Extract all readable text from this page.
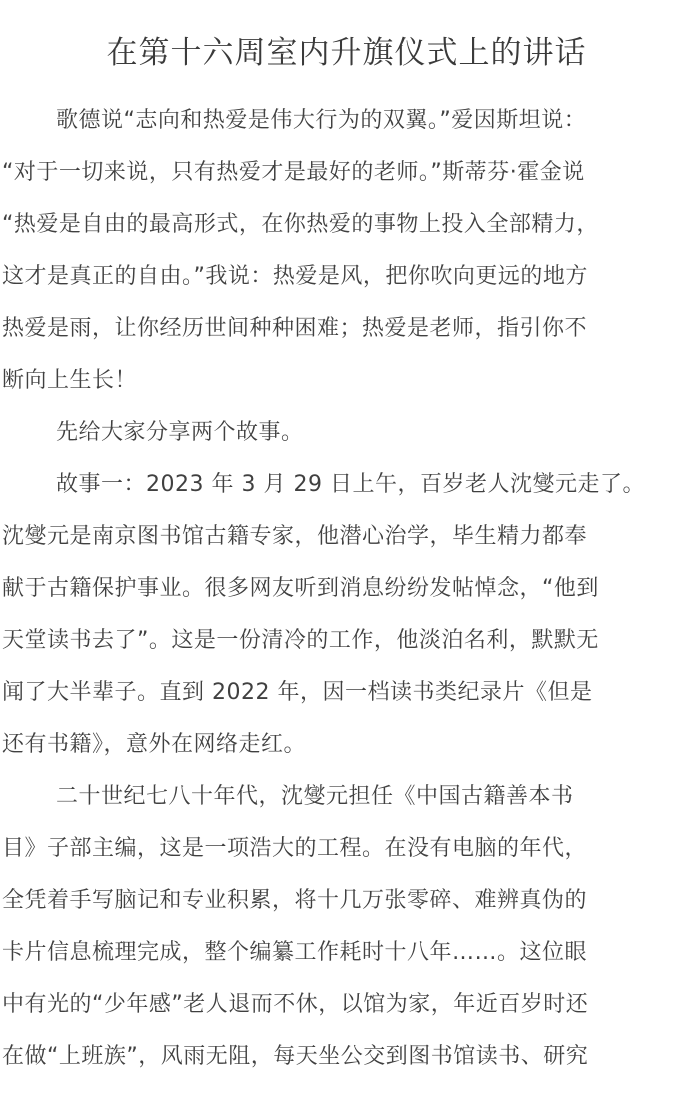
在第十六周室内升旗仪式上的讲话

歌德说“志向和热爱是伟大行为的双翼。”爱因斯坦说：
“对于一切来说，只有热爱才是最好的老师。”斯蒂芬·霍金说
“热爱是自由的最高形式，在你热爱的事物上投入全部精力，
这才是真正的自由。”我说：热爱是风，把你吹向更远的地方
热爱是雨，让你经历世间种种困难；热爱是老师，指引你不
断向上生长！

先给大家分享两个故事。

故事一：2023 年 3 月 29 日上午，百岁老人沈燮元走了。
沈燮元是南京图书馆古籍专家，他潜心治学，毕生精力都奉
献于古籍保护事业。很多网友听到消息纷纷发帖悼念，“他到
天堂读书去了”。这是一份清冷的工作，他淡泊名利，默默无
闻了大半辈子。直到 2022 年，因一档读书类纪录片《但是
还有书籍》，意外在网络走红。

二十世纪七八十年代，沈燮元担任《中国古籍善本书
目》子部主编，这是一项浩大的工程。在没有电脑的年代，
全凭着手写脑记和专业积累，将十几万张零碎、难辨真伪的
卡片信息梳理完成，整个编纂工作耗时十八年……。这位眼
中有光的“少年感”老人退而不休，以馆为家，年近百岁时还
在做“上班族”，风雨无阻，每天坐公交到图书馆读书、研究
